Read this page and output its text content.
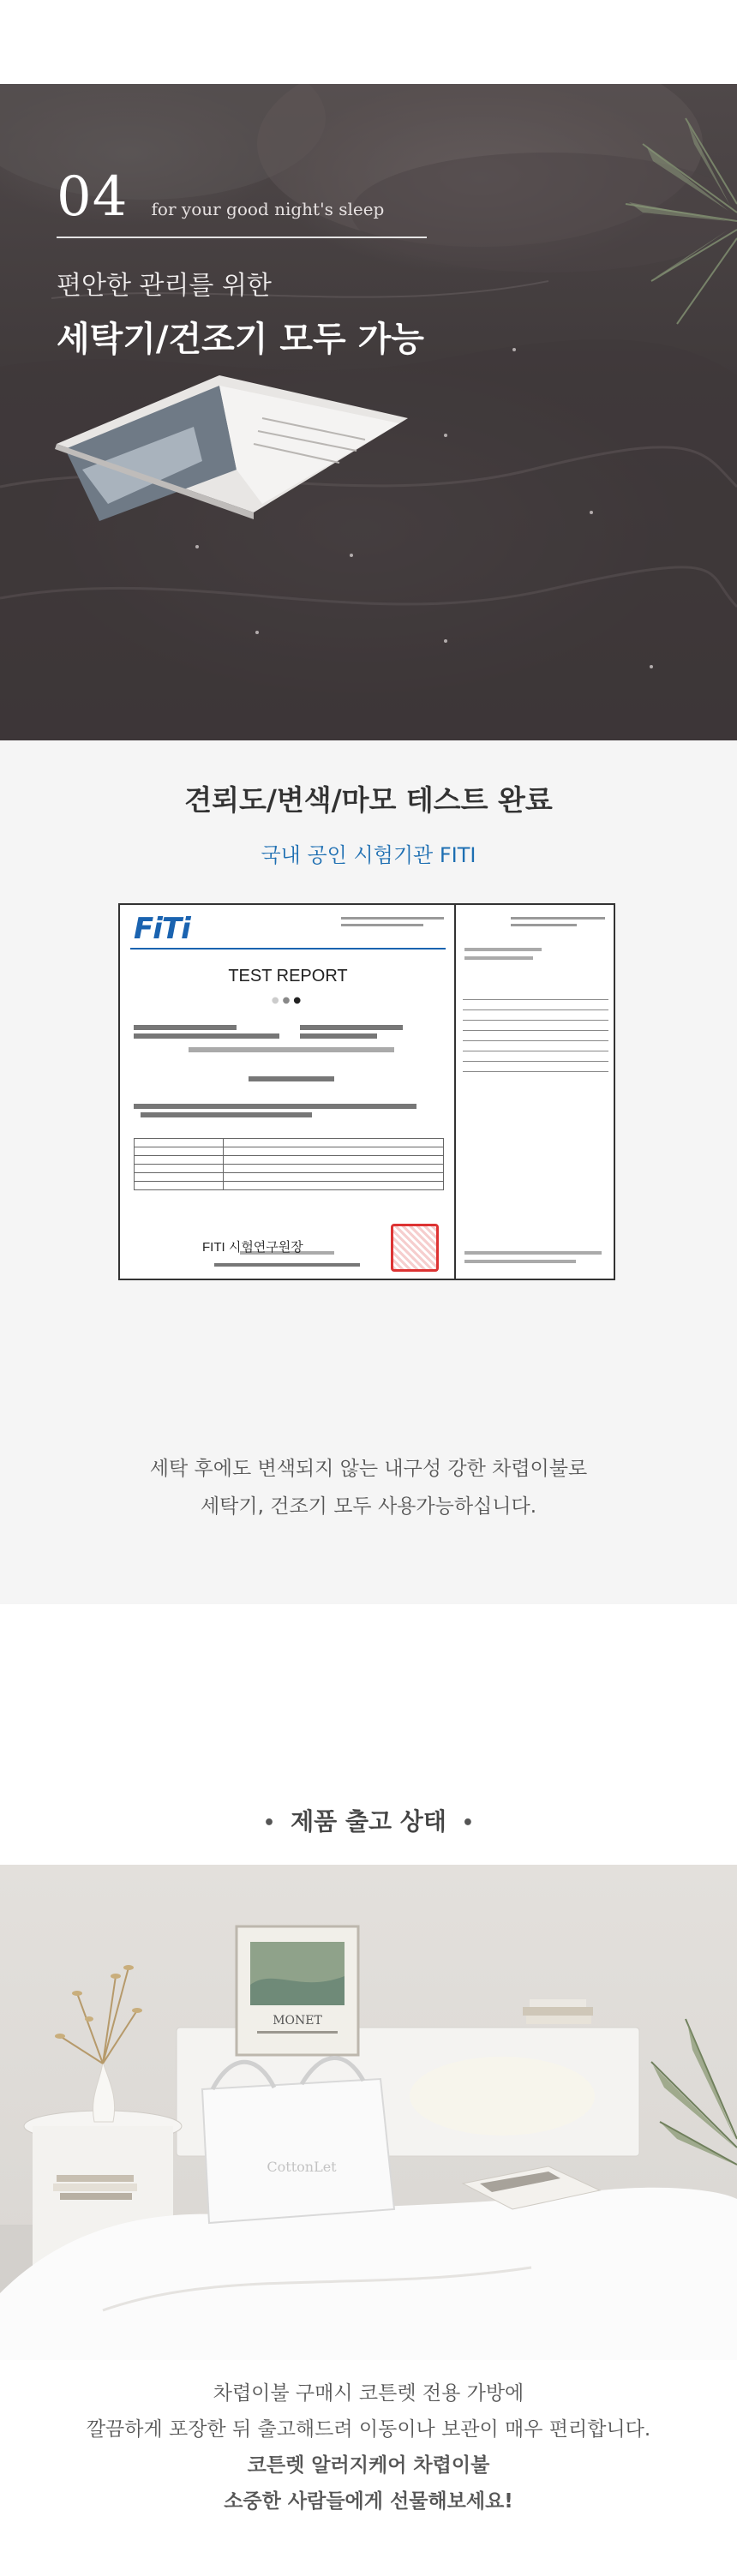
04 for your good night's sleep
편안한 관리를 위한
세탁기/건조기 모두 가능
견뢰도/변색/마모 테스트 완료
국내 공인 시험기관 FITI
FiTi
TEST REPORT
●●●

FITI 시험연구원장

세탁 후에도 변색되지 않는 내구성 강한 차렵이불로
세탁기, 건조기 모두 사용가능하십니다.
• 제품 출고 상태 •
MONET
CottonLet
차렵이불 구매시 코튼렛 전용 가방에
깔끔하게 포장한 뒤 출고해드려 이동이나 보관이 매우 편리합니다.
코튼렛 알러지케어 차렵이불
소중한 사람들에게 선물해보세요!
